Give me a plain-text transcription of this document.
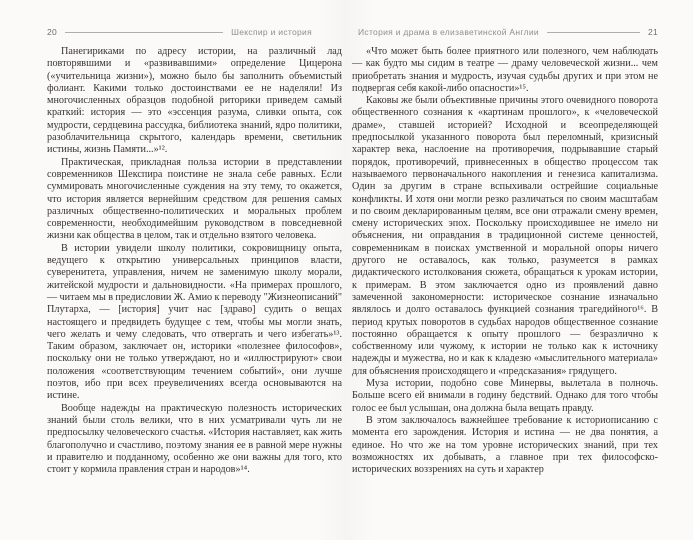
20	Шекспир и история

Панегириками по адресу истории, на различный лад повторявшими и «развивавшими» определение Цицерона («учительница жизни»), можно было бы заполнить объемистый фолиант. Какими только достоинствами ее не наделяли! Из многочисленных образцов подобной риторики приведем самый краткий: история — это «эссенция разума, сливки опыта, сок мудрости, сердцевина рассудка, библиотека знаний, ядро политики, разоблачительница скрытого, календарь времени, светильник истины, жизнь Памяти...»¹².

Практическая, прикладная польза истории в представлении современников Шекспира поистине не знала себе равных. Если суммировать многочисленные суждения на эту тему, то окажется, что история является вернейшим средством для решения самых различных общественно-политических и моральных проблем современности, необходимейшим руководством в повседневной жизни как общества в целом, так и отдельно взятого человека.

В истории увидели школу политики, сокровищницу опыта, ведущего к открытию универсальных принципов власти, суверенитета, управления, ничем не заменимую школу морали, житейской мудрости и дальновидности. «На примерах прошлого, — читаем мы в предисловии Ж. Амио к переводу "Жизнеописаний" Плутарха, — [история] учит нас [здраво] судить о вещах настоящего и предвидеть будущее с тем, чтобы мы могли знать, чего желать и чему следовать, что отвергать и чего избегать»¹³. Таким образом, заключает он, историки «полезнее философов», поскольку они не только утверждают, но и «иллюстрируют» свои положения «соответствующим течением событий», они лучше поэтов, ибо при всех преувеличениях всегда основываются на истине.

Вообще надежды на практическую полезность исторических знаний были столь велики, что в них усматривали чуть ли не предпосылку человеческого счастья. «История наставляет, как жить благополучно и счастливо, поэтому знания ее в равной мере нужны и правителю и подданному, особенно же они важны для того, кто стоит у кормила правления стран и народов»¹⁴.

История и драма в елизаветинской Англии	21

«Что может быть более приятного или полезного, чем наблюдать — как будто мы сидим в театре — драму человеческой жизни... чем приобретать знания и мудрость, изучая судьбы других и при этом не подвергая себя какой-либо опасности»¹⁵.

Каковы же были объективные причины этого очевидного поворота общественного сознания к «картинам прошлого», к «человеческой драме», ставшей историей? Исходной и всеопределяющей предпосылкой указанного поворота был переломный, кризисный характер века, наслоение на противоречия, подрывавшие старый порядок, противоречий, привнесенных в общество процессом так называемого первоначального накопления и генезиса капитализма. Один за другим в стране вспыхивали острейшие социальные конфликты. И хотя они могли резко различаться по своим масштабам и по своим декларированным целям, все они отражали смену времен, смену исторических эпох. Поскольку происходившее не имело ни объяснения, ни оправдания в традиционной системе ценностей, современникам в поисках умственной и моральной опоры ничего другого не оставалось, как только, разумеется в рамках дидактического истолкования сюжета, обращаться к урокам истории, к примерам. В этом заключается одно из проявлений давно замеченной закономерности: историческое сознание изначально являлось и долго оставалось функцией сознания трагедийного¹⁶. В период крутых поворотов в судьбах народов общественное сознание постоянно обращается к опыту прошлого — безразлично к собственному или чужому, к истории не только как к источнику надежды и мужества, но и как к кладезю «мыслительного материала» для объяснения происходящего и «предсказания» грядущего.

Муза истории, подобно сове Минервы, вылетала в полночь. Больше всего ей внимали в годину бедствий. Однако для того чтобы голос ее был услышан, она должна была вещать правду.

В этом заключалось важнейшее требование к историописанию с момента его зарождения. История и истина — не два понятия, а единое. Но что же на том уровне исторических знаний, при тех возможностях их добывать, а главное при тех философско-исторических воззрениях на суть и характер
